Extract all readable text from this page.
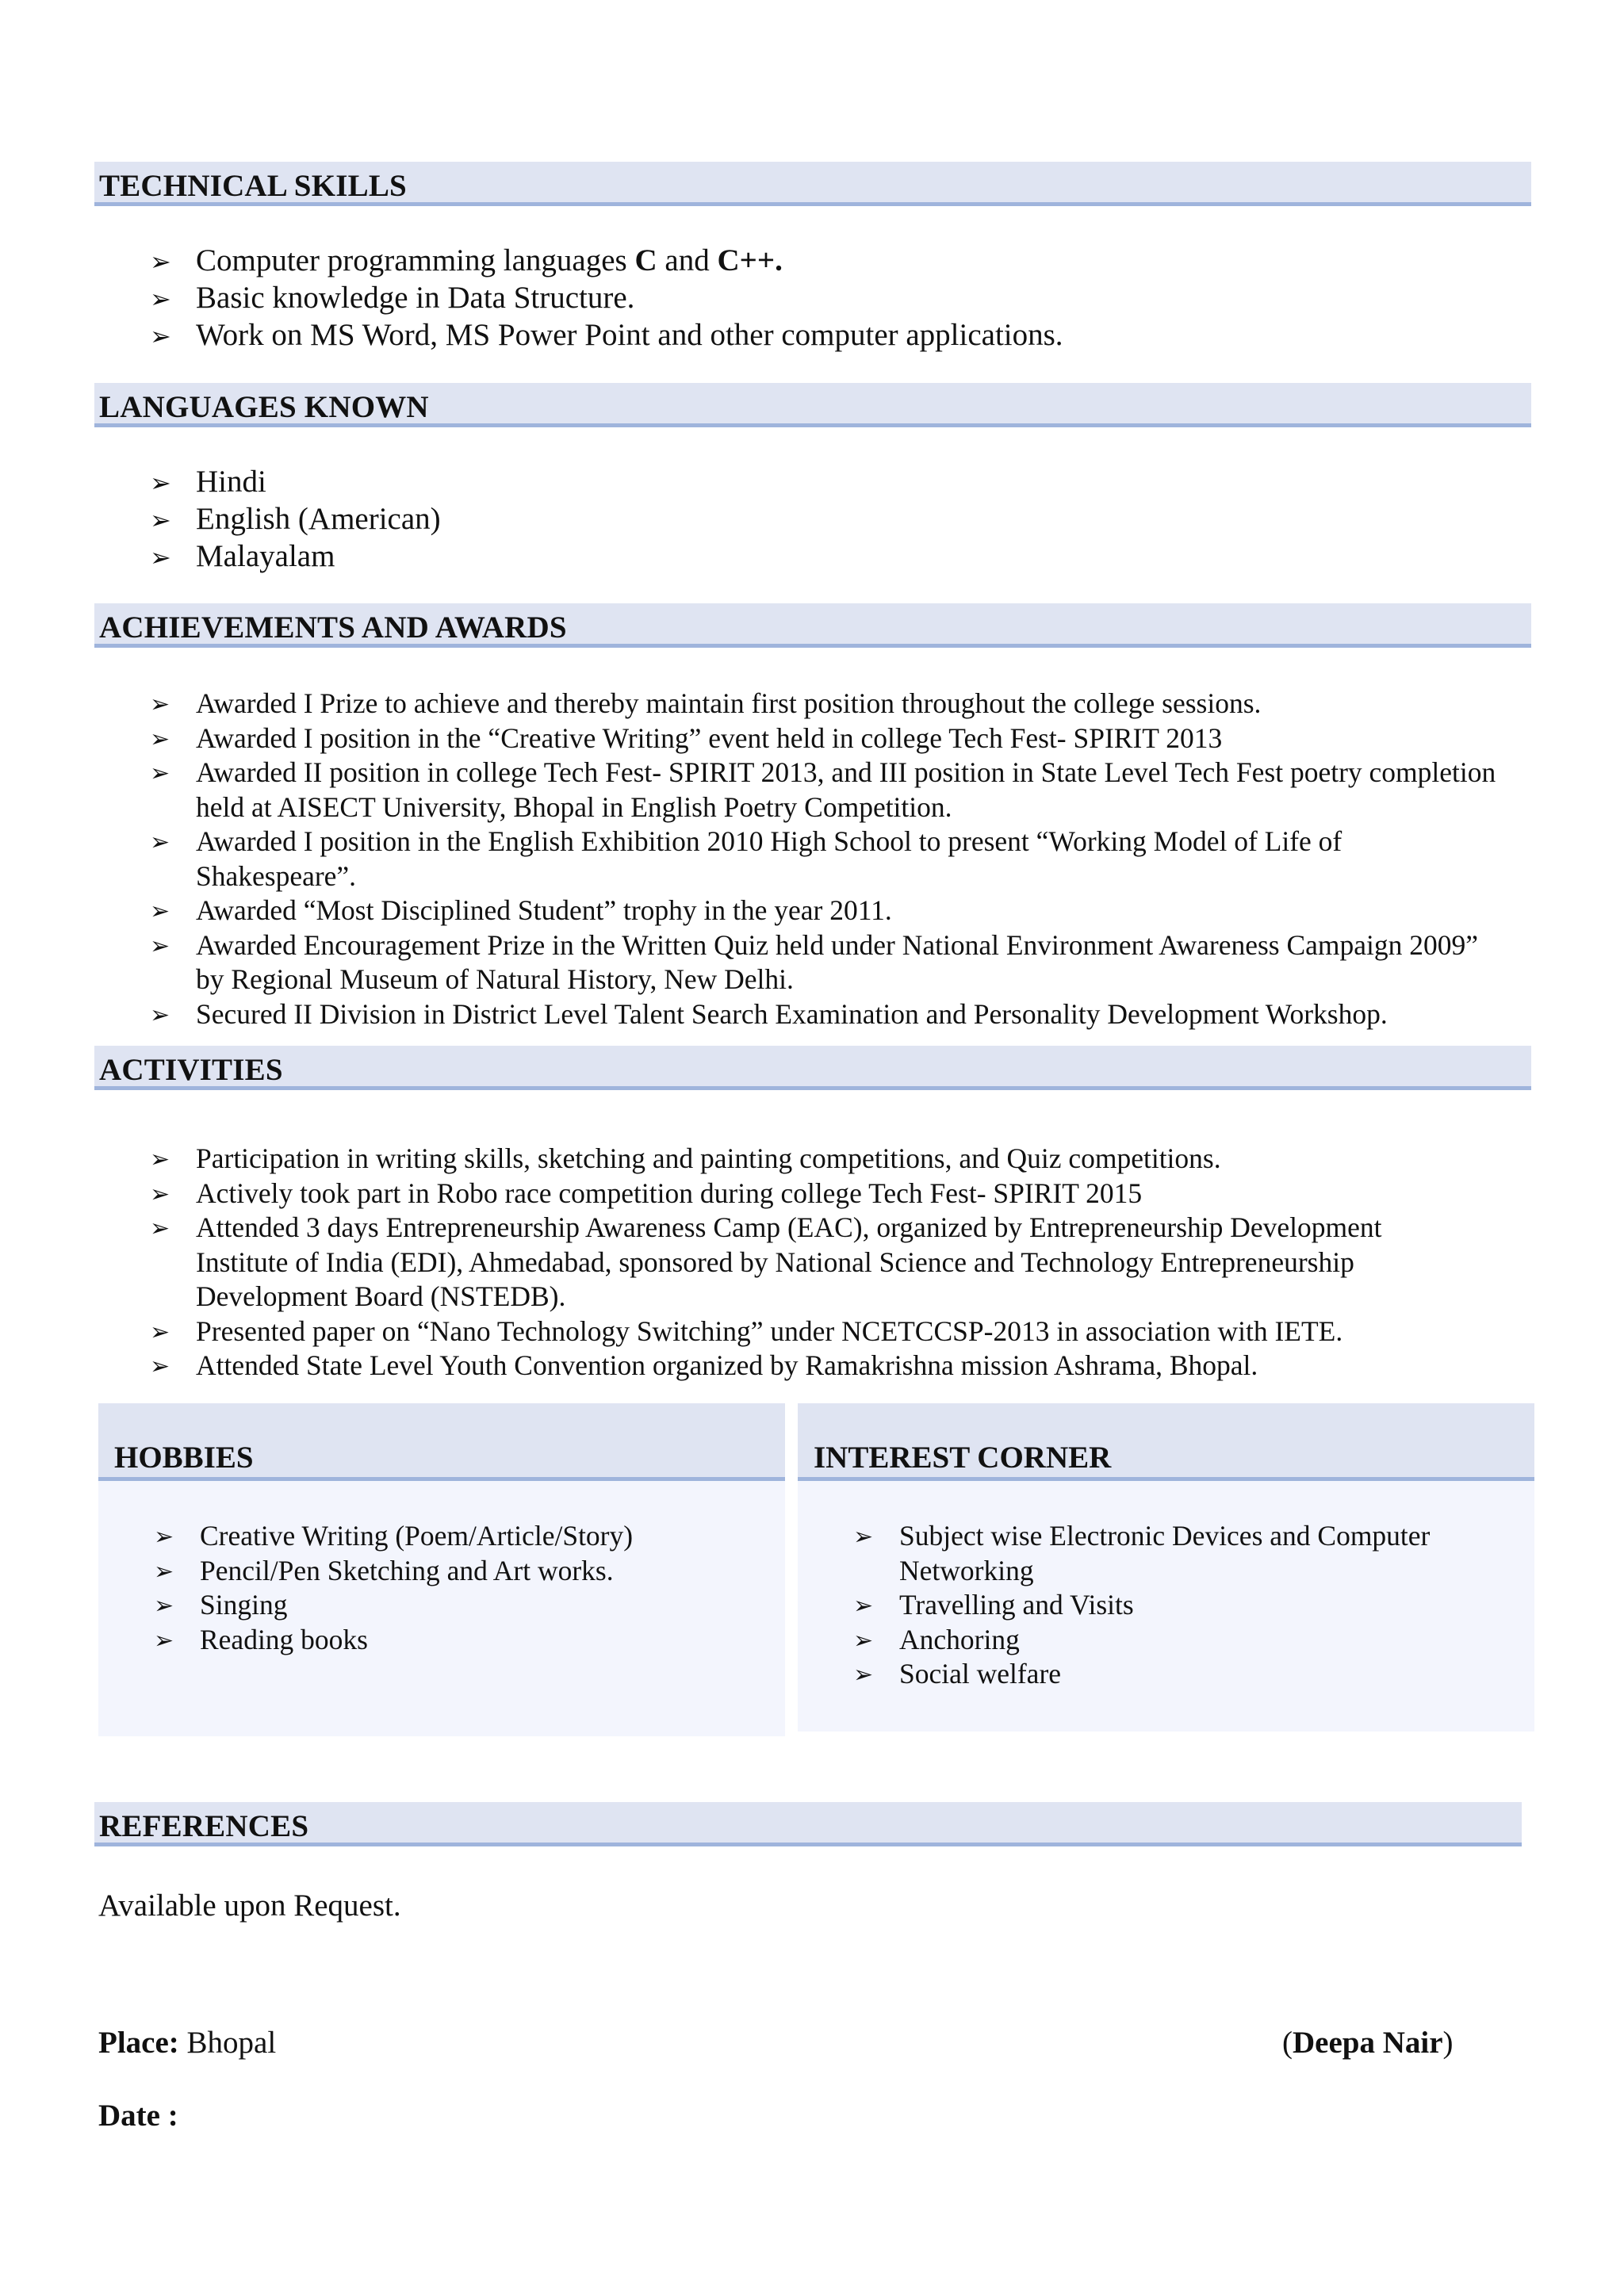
TECHNICAL SKILLS
➢ Computer programming languages C and C++.
➢ Basic knowledge in Data Structure.
➢ Work on MS Word, MS Power Point and other computer applications.
LANGUAGES KNOWN
➢ Hindi
➢ English (American)
➢ Malayalam
ACHIEVEMENTS AND AWARDS
➢ Awarded I Prize to achieve and thereby maintain first position throughout the college sessions.
➢ Awarded I position in the “Creative Writing” event held in college Tech Fest- SPIRIT 2013
➢ Awarded II position in college Tech Fest- SPIRIT 2013, and III position in State Level Tech Fest poetry completion held at AISECT University, Bhopal in English Poetry Competition.
➢ Awarded I position in the English Exhibition 2010 High School to present “Working Model of Life of Shakespeare”.
➢ Awarded “Most Disciplined Student” trophy in the year 2011.
➢ Awarded Encouragement Prize in the Written Quiz held under National Environment Awareness Campaign 2009” by Regional Museum of Natural History, New Delhi.
➢ Secured II Division in District Level Talent Search Examination and Personality Development Workshop.
ACTIVITIES
➢ Participation in writing skills, sketching and painting competitions, and Quiz competitions.
➢ Actively took part in Robo race competition during college Tech Fest- SPIRIT 2015
➢ Attended 3 days Entrepreneurship Awareness Camp (EAC), organized by Entrepreneurship Development Institute of India (EDI), Ahmedabad, sponsored by National Science and Technology Entrepreneurship Development Board (NSTEDB).
➢ Presented paper on “Nano Technology Switching” under NCETCCSP-2013 in association with IETE.
➢ Attended State Level Youth Convention organized by Ramakrishna mission Ashrama, Bhopal.
HOBBIES
➢ Creative Writing (Poem/Article/Story)
➢ Pencil/Pen Sketching and Art works.
➢ Singing
➢ Reading books
INTEREST CORNER
➢ Subject wise Electronic Devices and Computer Networking
➢ Travelling and Visits
➢ Anchoring
➢ Social welfare
REFERENCES
Available upon Request.
Place: Bhopal	(Deepa Nair)
Date :
